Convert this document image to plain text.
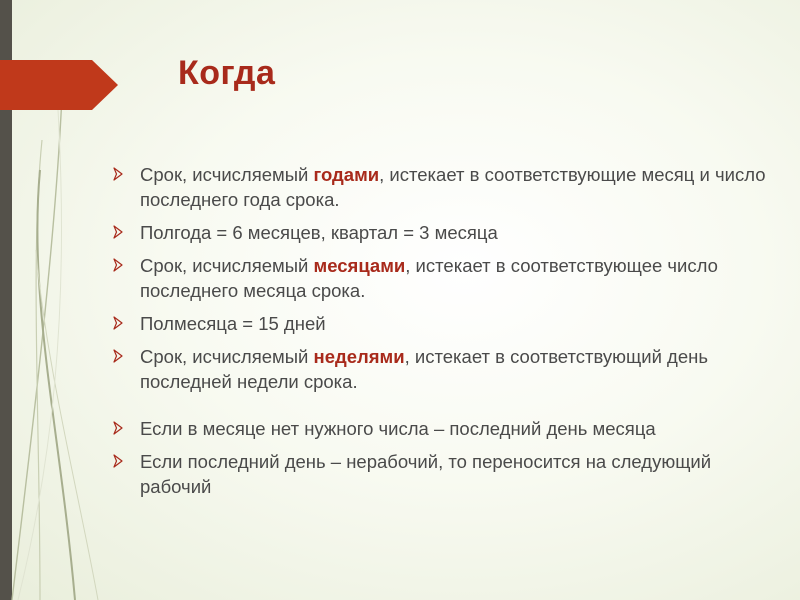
Когда
Срок, исчисляемый годами, истекает в соответствующие месяц и число последнего года срока.
Полгода = 6 месяцев, квартал = 3 месяца
Срок, исчисляемый месяцами, истекает в соответствующее число последнего месяца срока.
Полмесяца = 15 дней
Срок, исчисляемый неделями, истекает в соответствующий день последней недели срока.
Если в месяце нет нужного числа – последний день месяца
Если последний день – нерабочий, то переносится на следующий рабочий
